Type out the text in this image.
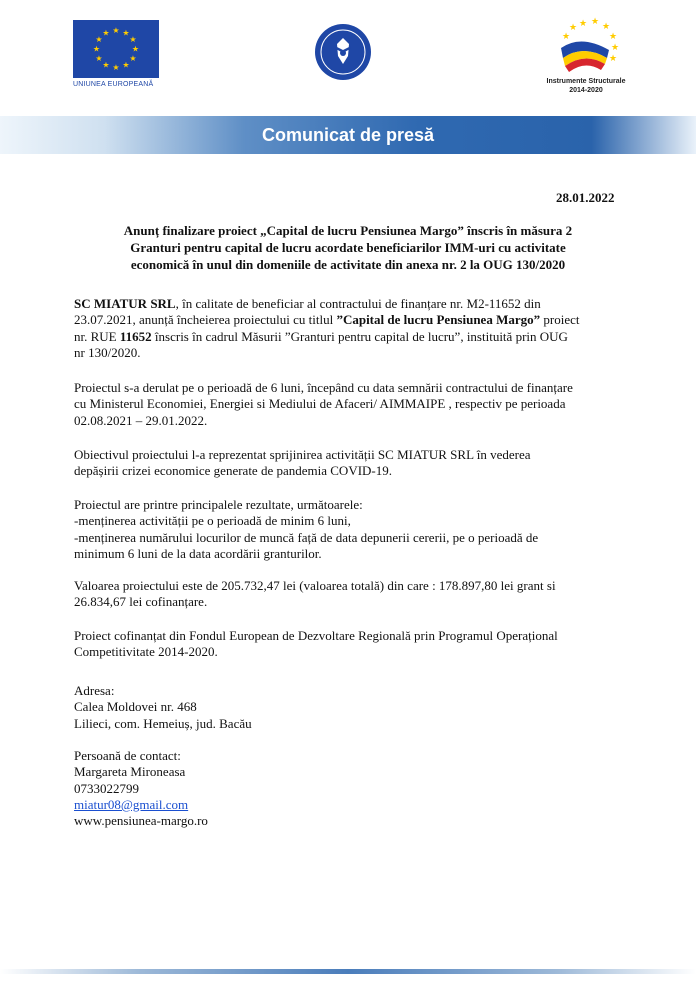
★ ★
★
★
★
★
★
★
★
★
★
★
UNIUNEA EUROPEANĂ
★ ★ ★
★
★
★
★
★
Instrumente Structurale
2014-2020
Comunicat de presă
28.01.2022
Anunț finalizare proiect „Capital de lucru Pensiunea Margo” înscris în măsura 2
Granturi pentru capital de lucru acordate beneficiarilor IMM-uri cu activitate
economică în unul din domeniile de activitate din anexa nr. 2 la OUG 130/2020
SC MIATUR SRL, în calitate de beneficiar al contractului de finanțare nr. M2-11652 din
23.07.2021, anunță încheierea proiectului cu titlul ”Capital de lucru Pensiunea Margo” proiect
nr. RUE 11652 înscris în cadrul Măsurii ”Granturi pentru capital de lucru”, instituită prin OUG
nr 130/2020.
Proiectul s-a derulat pe o perioadă de 6 luni, începând cu data semnării contractului de finanțare
cu Ministerul Economiei, Energiei si Mediului de Afaceri/ AIMMAIPE , respectiv pe perioada
02.08.2021 – 29.01.2022.
Obiectivul proiectului l-a reprezentat sprijinirea activității SC MIATUR SRL în vederea
depășirii crizei economice generate de pandemia COVID-19.
Proiectul are printre principalele rezultate, următoarele:
-menținerea activității pe o perioadă de minim 6 luni,
-menținerea numărului locurilor de muncă față de data depunerii cererii, pe o perioadă de
minimum 6 luni de la data acordării granturilor.
Valoarea proiectului este de 205.732,47 lei (valoarea totală) din care : 178.897,80 lei grant si
26.834,67 lei cofinanțare.
Proiect cofinanțat din Fondul European de Dezvoltare Regională prin Programul Operațional
Competitivitate 2014-2020.
Adresa:
Calea Moldovei nr. 468
Lilieci, com. Hemeiuș, jud. Bacău
Persoană de contact:
Margareta Mironeasa
0733022799
miatur08@gmail.com
www.pensiunea-margo.ro
